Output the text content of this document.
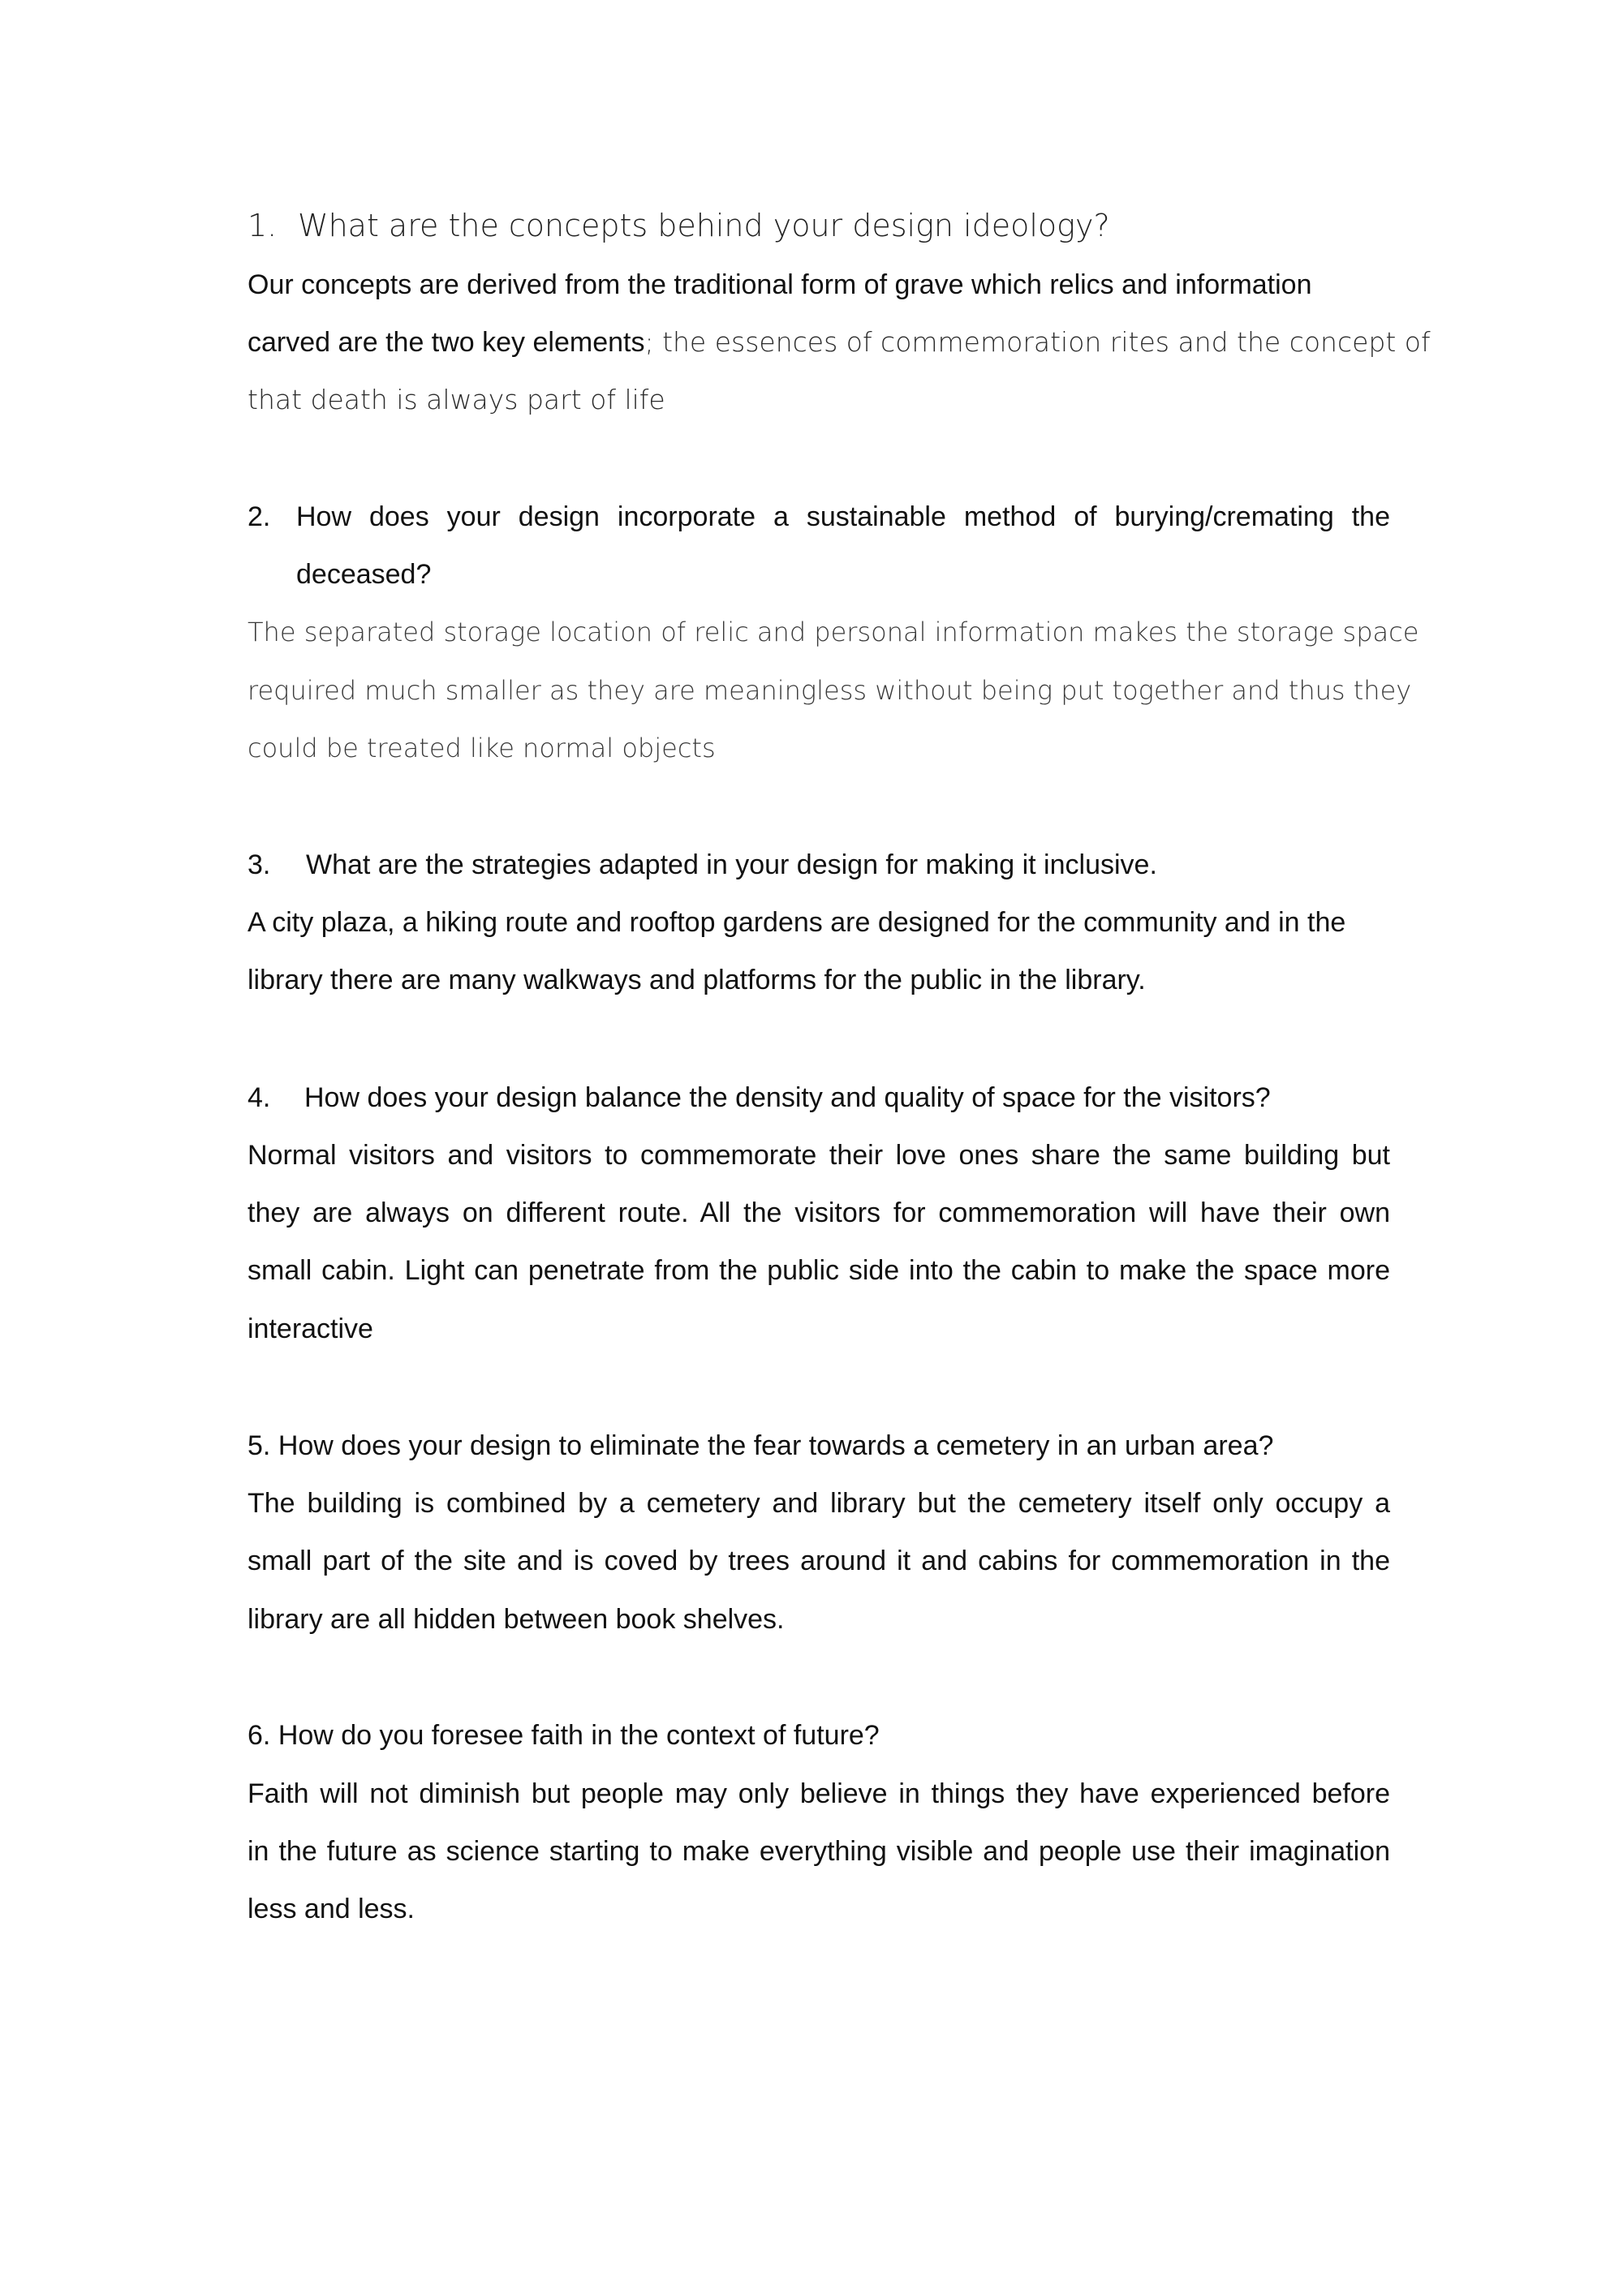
1. What are the concepts behind your design ideology?

Our concepts are derived from the traditional form of grave which relics and information

carved are the two key elements; the essences of commemoration rites and the concept of

that death is always part of life

2. How does your design incorporate a sustainable method of burying/cremating the

deceased?

The separated storage location of relic and personal information makes the storage space

required much smaller as they are meaningless without being put together and thus they

could be treated like normal objects

3. What are the strategies adapted in your design for making it inclusive.

A city plaza, a hiking route and rooftop gardens are designed for the community and in the

library there are many walkways and platforms for the public in the library.

4. How does your design balance the density and quality of space for the visitors?

Normal visitors and visitors to commemorate their love ones share the same building but

they are always on different route. All the visitors for commemoration will have their own

small cabin. Light can penetrate from the public side into the cabin to make the space more

interactive

5. How does your design to eliminate the fear towards a cemetery in an urban area?

The building is combined by a cemetery and library but the cemetery itself only occupy a

small part of the site and is coved by trees around it and cabins for commemoration in the

library are all hidden between book shelves.

6. How do you foresee faith in the context of future?

Faith will not diminish but people may only believe in things they have experienced before

in the future as science starting to make everything visible and people use their imagination

less and less.
